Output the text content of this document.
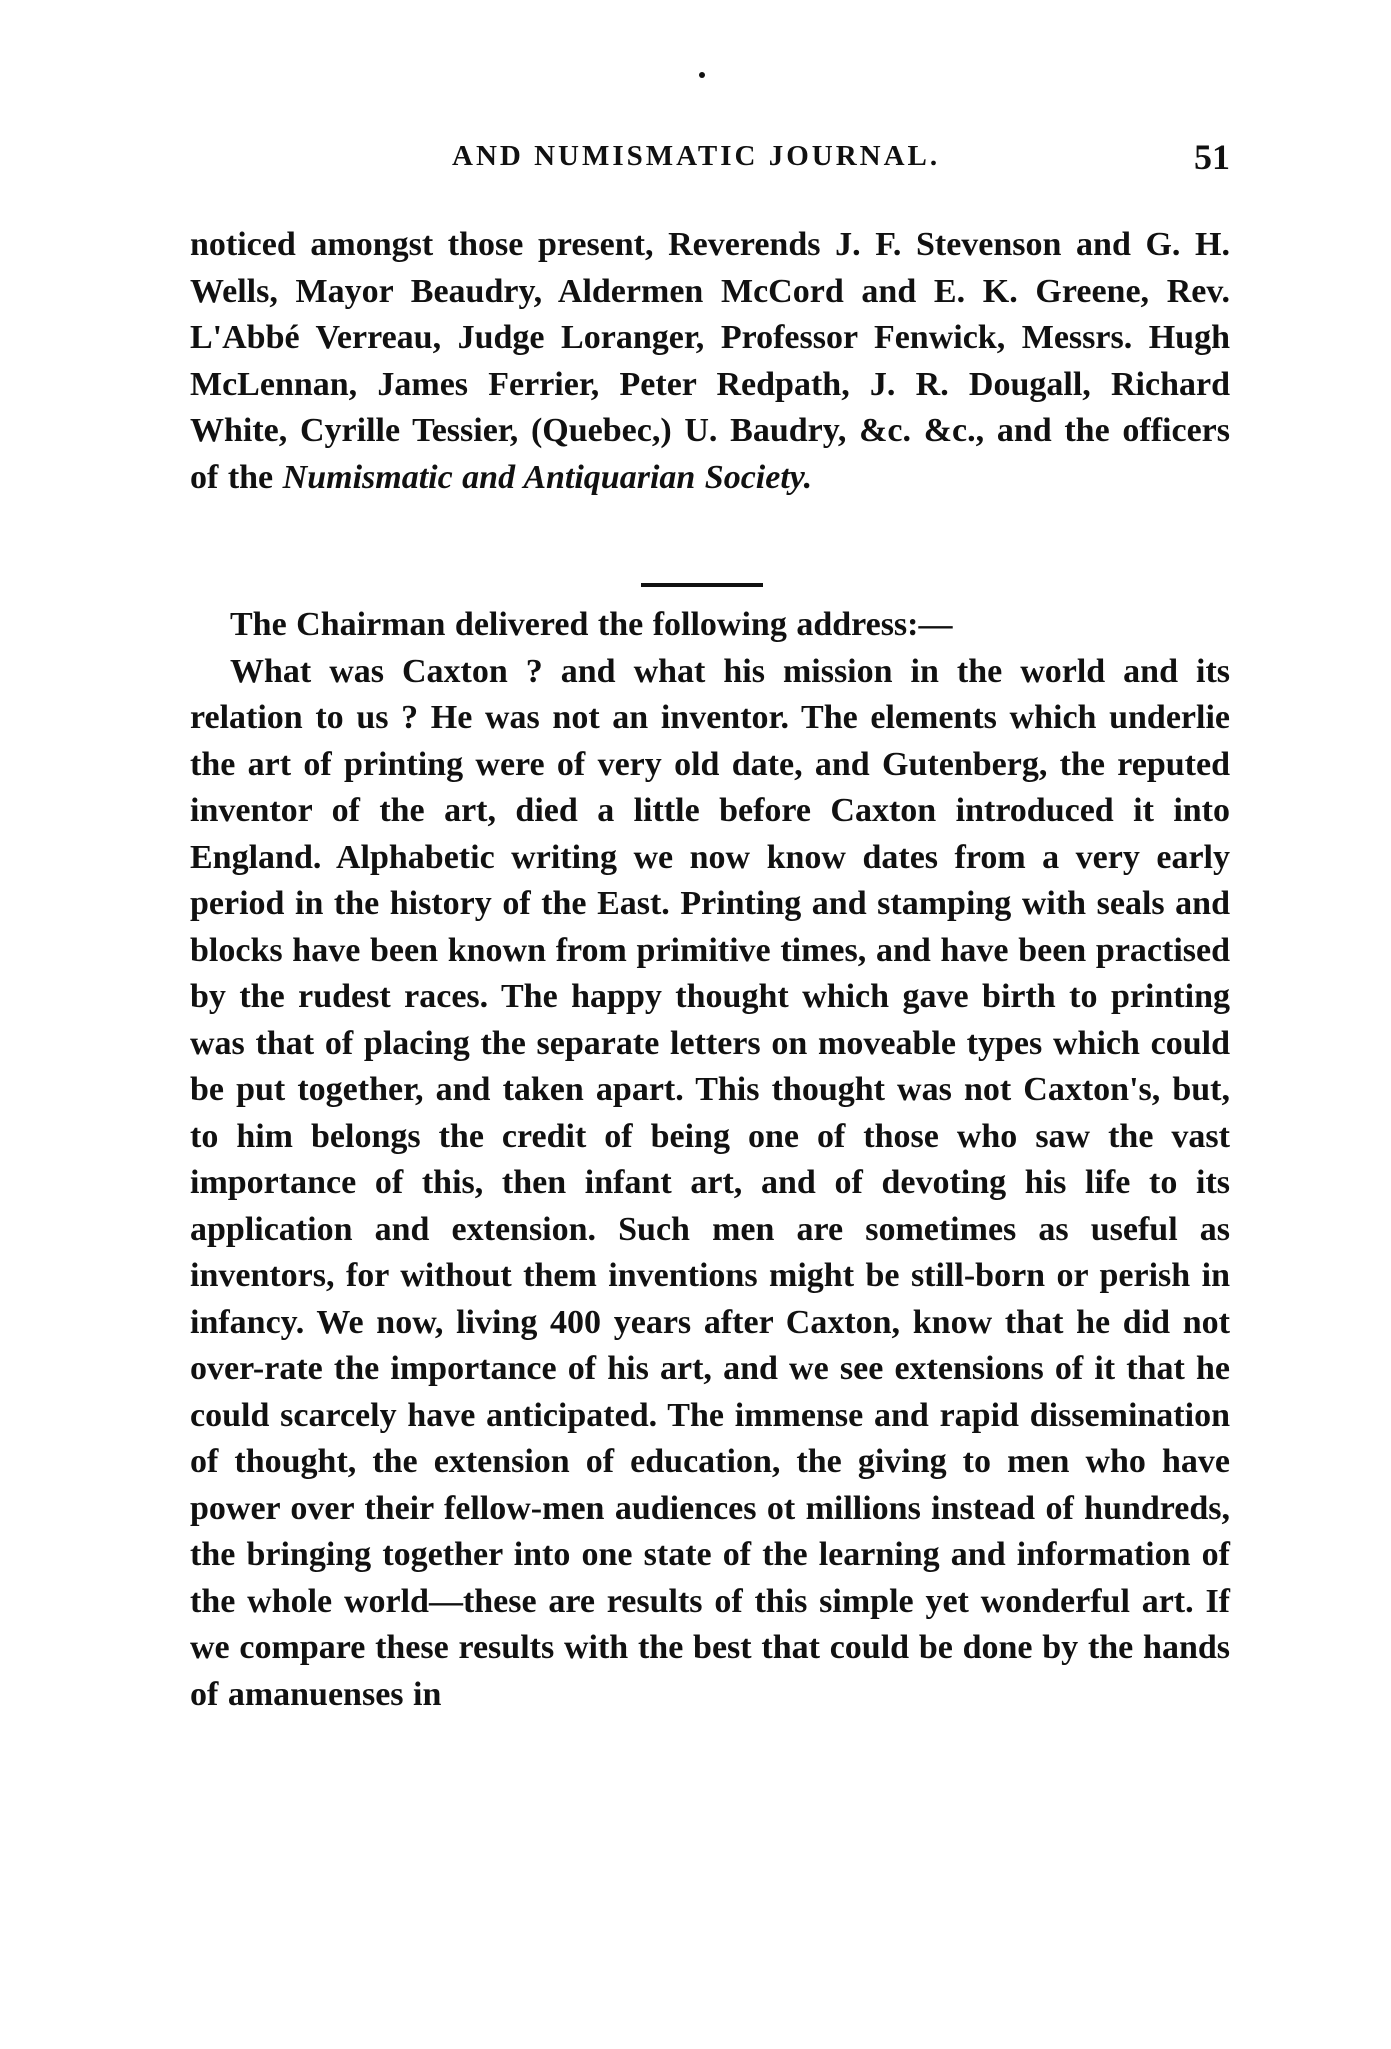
AND NUMISMATIC JOURNAL.	51

noticed amongst those present, Reverends J. F. Stevenson and G. H. Wells, Mayor Beaudry, Aldermen McCord and E. K. Greene, Rev. L'Abbé Verreau, Judge Loranger, Professor Fenwick, Messrs. Hugh McLennan, James Ferrier, Peter Redpath, J. R. Dougall, Richard White, Cyrille Tessier, (Quebec,) U. Baudry, &c. &c., and the officers of the Numismatic and Antiquarian Society.

The Chairman delivered the following address:—

What was Caxton ? and what his mission in the world and its relation to us ? He was not an inventor. The elements which underlie the art of printing were of very old date, and Gutenberg, the reputed inventor of the art, died a little before Caxton introduced it into England. Alphabetic writing we now know dates from a very early period in the history of the East. Printing and stamping with seals and blocks have been known from primitive times, and have been practised by the rudest races. The happy thought which gave birth to printing was that of placing the separate letters on moveable types which could be put together, and taken apart. This thought was not Caxton's, but, to him belongs the credit of being one of those who saw the vast importance of this, then infant art, and of devoting his life to its application and extension. Such men are sometimes as useful as inventors, for without them inventions might be still-born or perish in infancy. We now, living 400 years after Caxton, know that he did not over-rate the importance of his art, and we see extensions of it that he could scarcely have anticipated. The immense and rapid dissemination of thought, the extension of education, the giving to men who have power over their fellow-men audiences ot millions instead of hundreds, the bringing together into one state of the learning and information of the whole world—these are results of this simple yet wonderful art. If we compare these results with the best that could be done by the hands of amanuenses in
